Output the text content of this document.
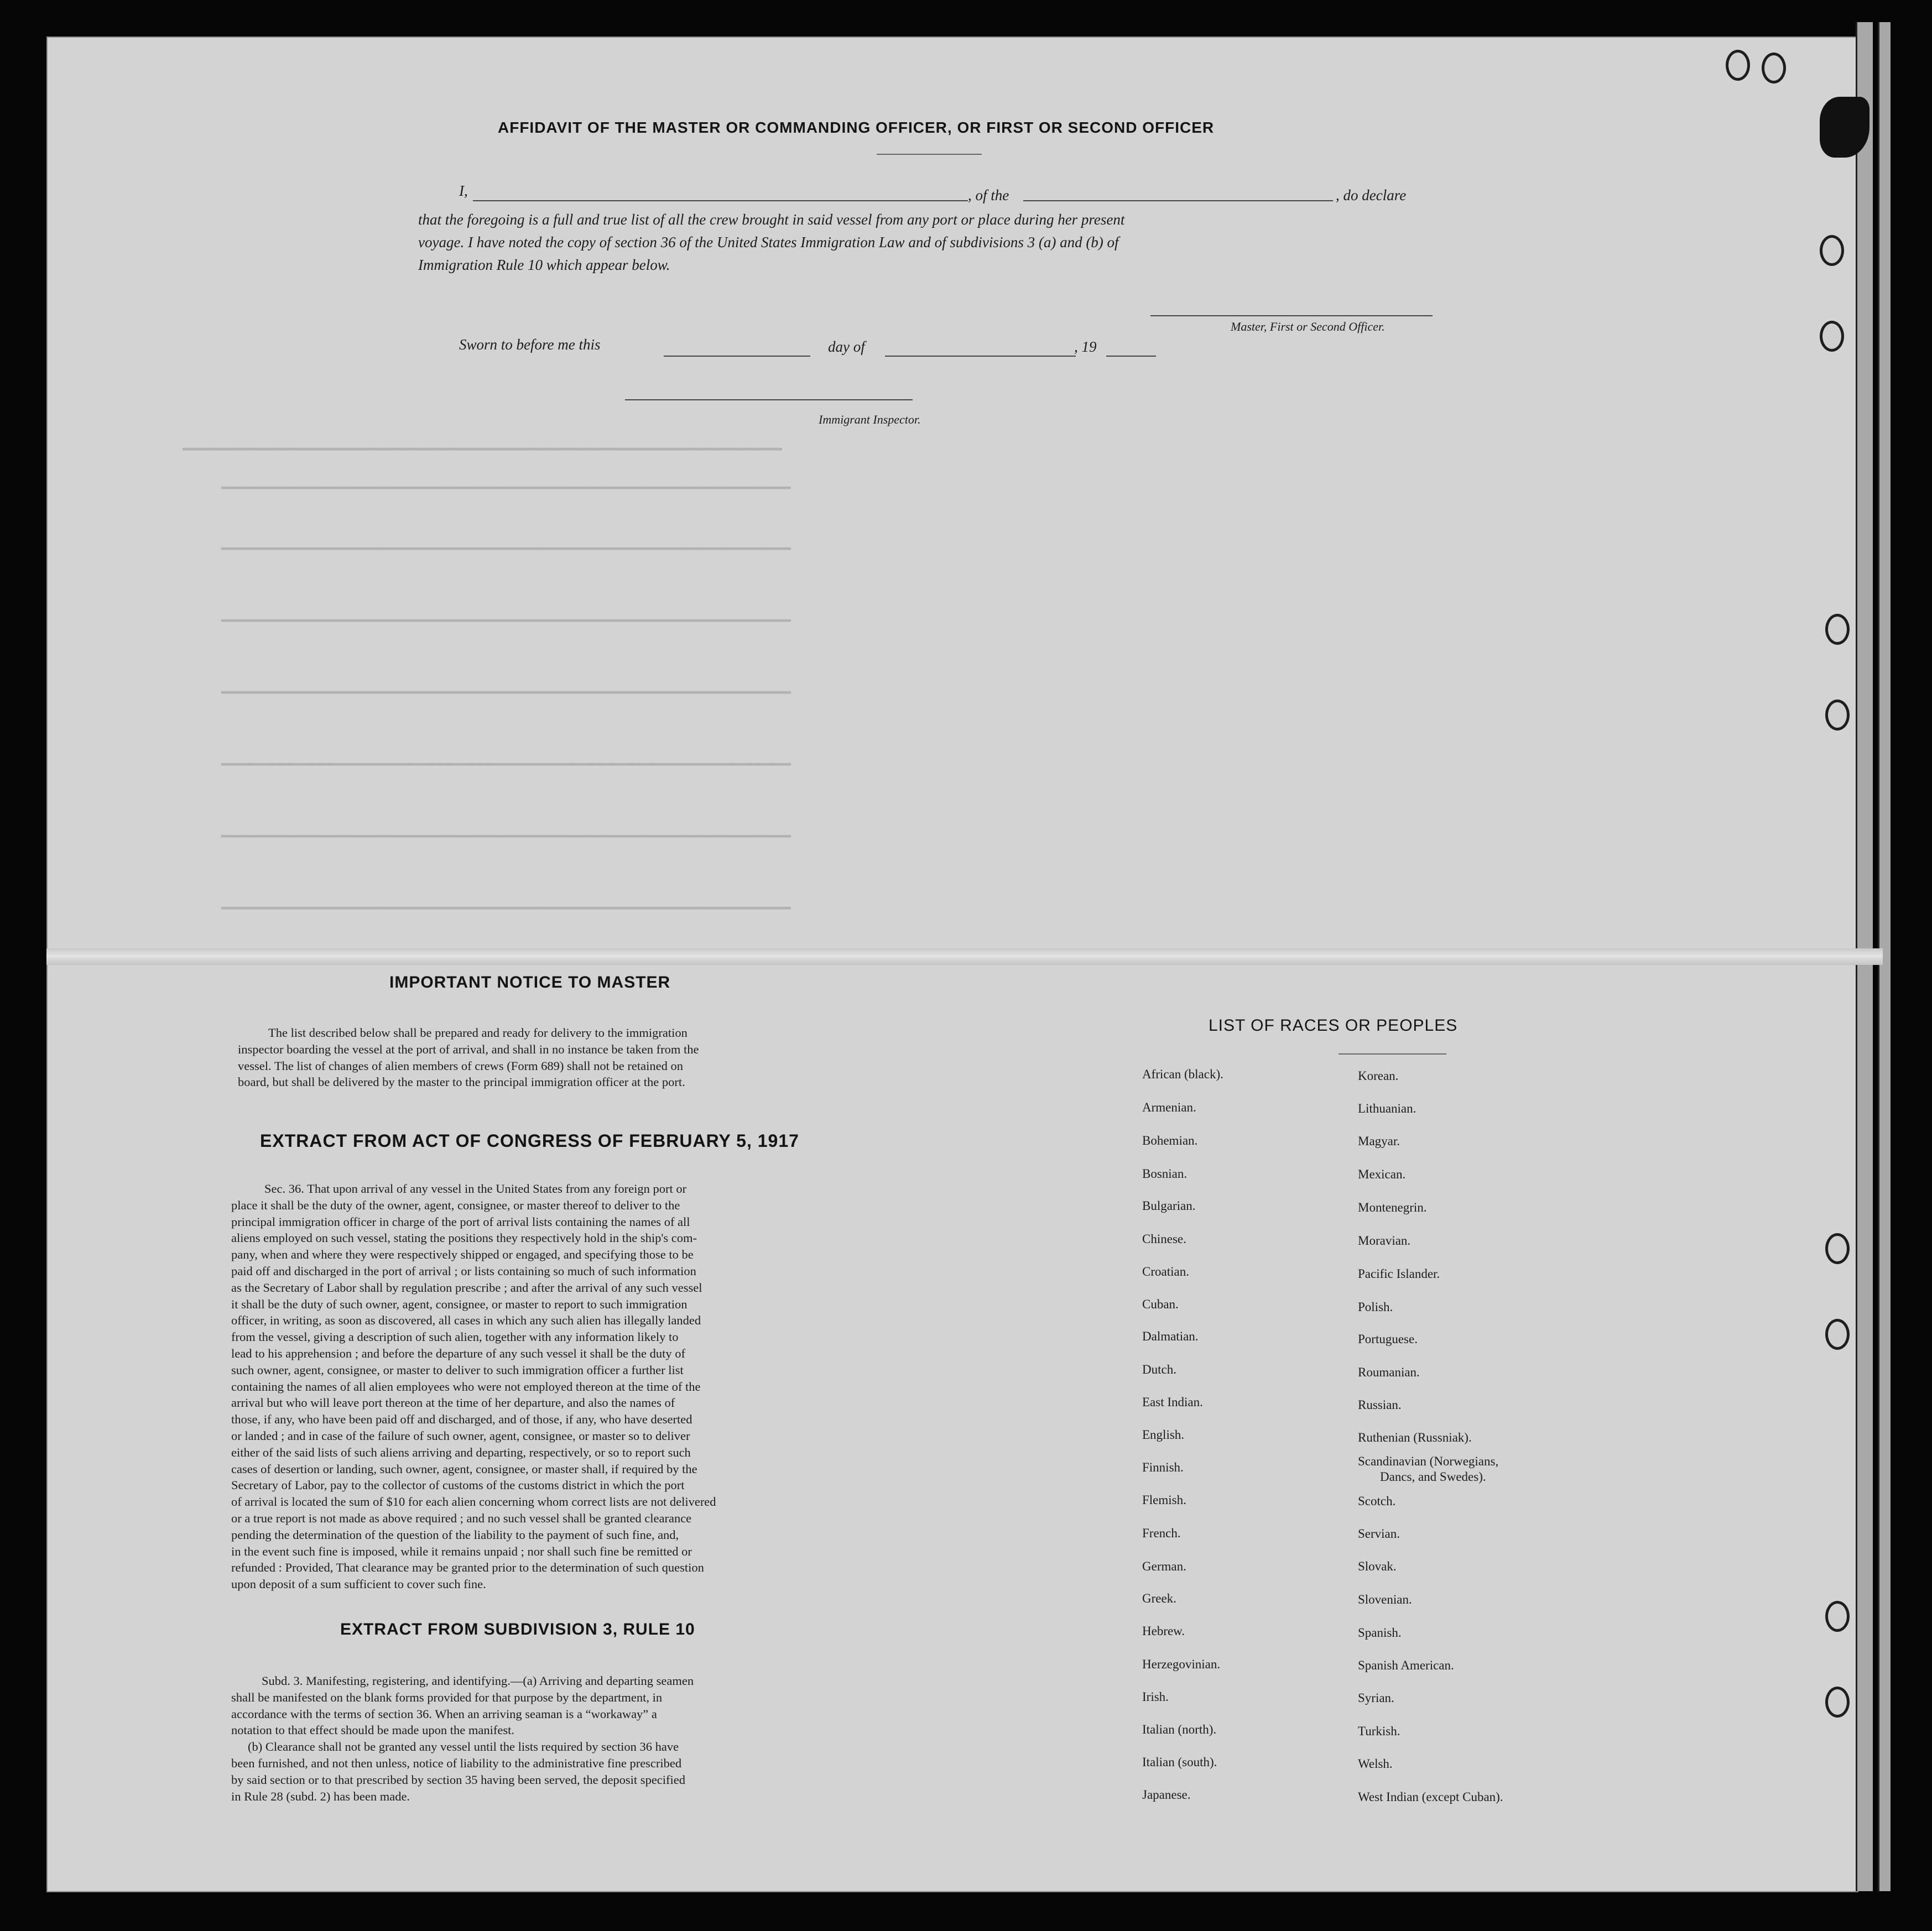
▁▁▁▁▁▁▁▁▁▁▁▁▁▁▁▁▁▁▁▁▁▁▁▁▁▁▁▁▁▁▁▁▁▁▁▁▁▁▁▁▁▁▁▁▁▁▁▁▁▁▁▁▁▁▁▁▁▁▁▁
▁▁▁▁▁▁▁▁▁▁▁▁▁▁▁▁▁▁▁▁▁▁▁▁▁▁▁▁▁▁▁▁▁▁▁▁▁▁▁▁▁▁▁▁▁▁▁▁▁▁▁▁▁▁▁▁▁
▁▁▁▁▁▁▁▁▁▁▁▁▁▁▁▁▁▁▁▁▁▁▁▁▁▁▁▁▁▁▁▁▁▁▁▁▁▁▁▁▁▁▁▁▁▁▁▁▁▁▁▁▁▁▁▁▁
▁▁▁▁▁▁▁▁▁▁▁▁▁▁▁▁▁▁▁▁▁▁▁▁▁▁▁▁▁▁▁▁▁▁▁▁▁▁▁▁▁▁▁▁▁▁▁▁▁▁▁▁▁▁▁▁▁
▁▁▁▁▁▁▁▁▁▁▁▁▁▁▁▁▁▁▁▁▁▁▁▁▁▁▁▁▁▁▁▁▁▁▁▁▁▁▁▁▁▁▁▁▁▁▁▁▁▁▁▁▁▁▁▁▁
▁▁▁▁▁▁▁▁▁▁▁▁▁▁▁▁▁▁▁▁▁▁▁▁▁▁▁▁▁▁▁▁▁▁▁▁▁▁▁▁▁▁▁▁▁▁▁▁▁▁▁▁▁▁▁▁▁
▁▁▁▁▁▁▁▁▁▁▁▁▁▁▁▁▁▁▁▁▁▁▁▁▁▁▁▁▁▁▁▁▁▁▁▁▁▁▁▁▁▁▁▁▁▁▁▁▁▁▁▁▁▁▁▁▁
▁▁▁▁▁▁▁▁▁▁▁▁▁▁▁▁▁▁▁▁▁▁▁▁▁▁▁▁▁▁▁▁▁▁▁▁▁▁▁▁▁▁▁▁▁▁▁▁▁▁▁▁▁▁▁▁▁
AFFIDAVIT OF THE MASTER OR COMMANDING OFFICER, OR FIRST OR SECOND OFFICER
I,	, of the	, do declare
that the foregoing is a full and true list of all the crew brought in said vessel from any port or place during her present
voyage. I have noted the copy of section 36 of the United States Immigration Law and of subdivisions 3 (a) and (b) of
Immigration Rule 10 which appear below.
Master, First or Second Officer.
Sworn to before me this	day of	, 19
Immigrant Inspector.
IMPORTANT NOTICE TO MASTER
The list described below shall be prepared and ready for delivery to the immigration
inspector boarding the vessel at the port of arrival, and shall in no instance be taken from the
vessel. The list of changes of alien members of crews (Form 689) shall not be retained on
board, but shall be delivered by the master to the principal immigration officer at the port.
EXTRACT FROM ACT OF CONGRESS OF FEBRUARY 5, 1917
Sec. 36. That upon arrival of any vessel in the United States from any foreign port or
place it shall be the duty of the owner, agent, consignee, or master thereof to deliver to the
principal immigration officer in charge of the port of arrival lists containing the names of all
aliens employed on such vessel, stating the positions they respectively hold in the ship's com-
pany, when and where they were respectively shipped or engaged, and specifying those to be
paid off and discharged in the port of arrival ; or lists containing so much of such information
as the Secretary of Labor shall by regulation prescribe ; and after the arrival of any such vessel
it shall be the duty of such owner, agent, consignee, or master to report to such immigration
officer, in writing, as soon as discovered, all cases in which any such alien has illegally landed
from the vessel, giving a description of such alien, together with any information likely to
lead to his apprehension ; and before the departure of any such vessel it shall be the duty of
such owner, agent, consignee, or master to deliver to such immigration officer a further list
containing the names of all alien employees who were not employed thereon at the time of the
arrival but who will leave port thereon at the time of her departure, and also the names of
those, if any, who have been paid off and discharged, and of those, if any, who have deserted
or landed ; and in case of the failure of such owner, agent, consignee, or master so to deliver
either of the said lists of such aliens arriving and departing, respectively, or so to report such
cases of desertion or landing, such owner, agent, consignee, or master shall, if required by the
Secretary of Labor, pay to the collector of customs of the customs district in which the port
of arrival is located the sum of $10 for each alien concerning whom correct lists are not delivered
or a true report is not made as above required ; and no such vessel shall be granted clearance
pending the determination of the question of the liability to the payment of such fine, and,
in the event such fine is imposed, while it remains unpaid ; nor shall such fine be remitted or
refunded : Provided, That clearance may be granted prior to the determination of such question
upon deposit of a sum sufficient to cover such fine.
EXTRACT FROM SUBDIVISION 3, RULE 10
Subd. 3. Manifesting, registering, and identifying.—(a) Arriving and departing seamen
shall be manifested on the blank forms provided for that purpose by the department, in
accordance with the terms of section 36. When an arriving seaman is a “workaway” a
notation to that effect should be made upon the manifest.
(b) Clearance shall not be granted any vessel until the lists required by section 36 have
been furnished, and not then unless, notice of liability to the administrative fine prescribed
by said section or to that prescribed by section 35 having been served, the deposit specified
in Rule 28 (subd. 2) has been made.
LIST OF RACES OR PEOPLES
African (black).
Armenian.
Bohemian.
Bosnian.
Bulgarian.
Chinese.
Croatian.
Cuban.
Dalmatian.
Dutch.
East Indian.
English.
Finnish.
Flemish.
French.
German.
Greek.
Hebrew.
Herzegovinian.
Irish.
Italian (north).
Italian (south).
Japanese.
Korean.
Lithuanian.
Magyar.
Mexican.
Montenegrin.
Moravian.
Pacific Islander.
Polish.
Portuguese.
Roumanian.
Russian.
Ruthenian (Russniak).
Scandinavian (Norwegians,
Dancs, and Swedes).
Scotch.
Servian.
Slovak.
Slovenian.
Spanish.
Spanish American.
Syrian.
Turkish.
Welsh.
West Indian (except Cuban).
